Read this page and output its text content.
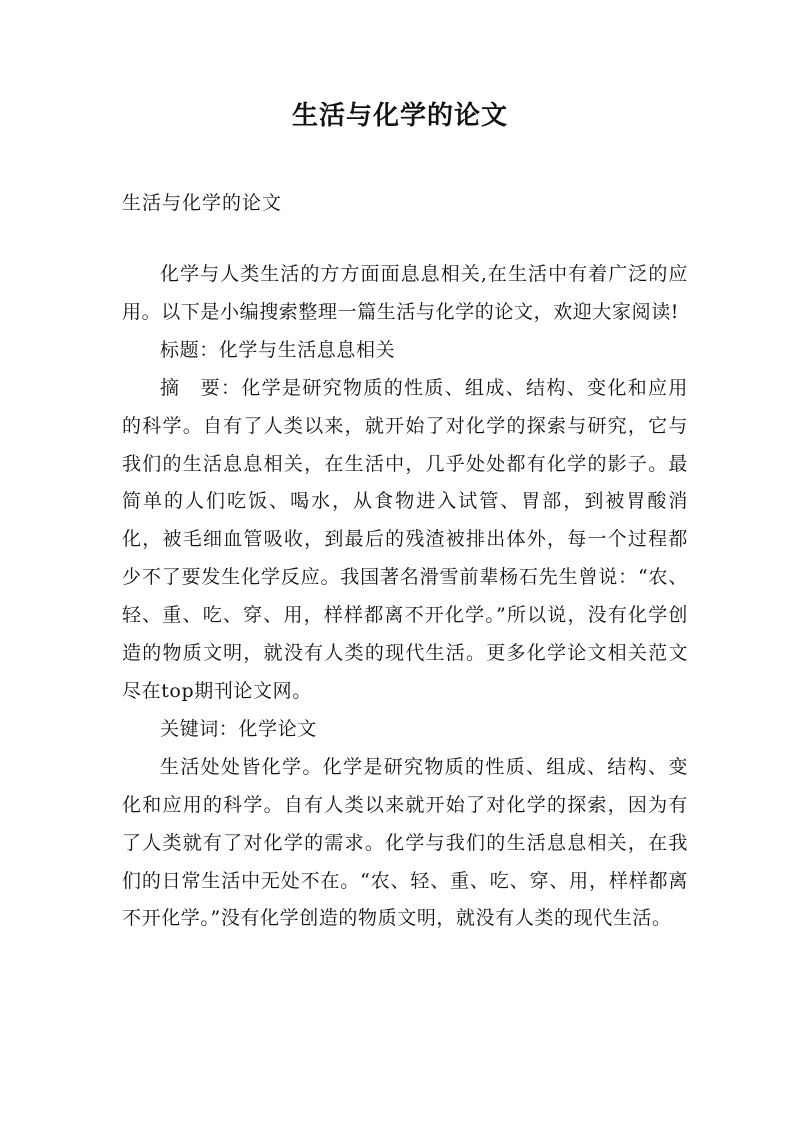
生活与化学的论文
生活与化学的论文

化学与人类生活的方方面面息息相关,在生活中有着广泛的应用。以下是小编搜索整理一篇生活与化学的论文，欢迎大家阅读!

标题：化学与生活息息相关

摘　要：化学是研究物质的性质、组成、结构、变化和应用的科学。自有了人类以来，就开始了对化学的探索与研究，它与我们的生活息息相关，在生活中，几乎处处都有化学的影子。最简单的人们吃饭、喝水，从食物进入试管、胃部，到被胃酸消化，被毛细血管吸收，到最后的残渣被排出体外，每一个过程都少不了要发生化学反应。我国著名滑雪前辈杨石先生曾说：“农、轻、重、吃、穿、用，样样都离不开化学。”所以说，没有化学创造的物质文明，就没有人类的现代生活。更多化学论文相关范文尽在top期刊论文网。

关键词：化学论文

生活处处皆化学。化学是研究物质的性质、组成、结构、变化和应用的科学。自有人类以来就开始了对化学的探索，因为有了人类就有了对化学的需求。化学与我们的生活息息相关，在我们的日常生活中无处不在。“农、轻、重、吃、穿、用，样样都离不开化学。”没有化学创造的物质文明，就没有人类的现代生活。
